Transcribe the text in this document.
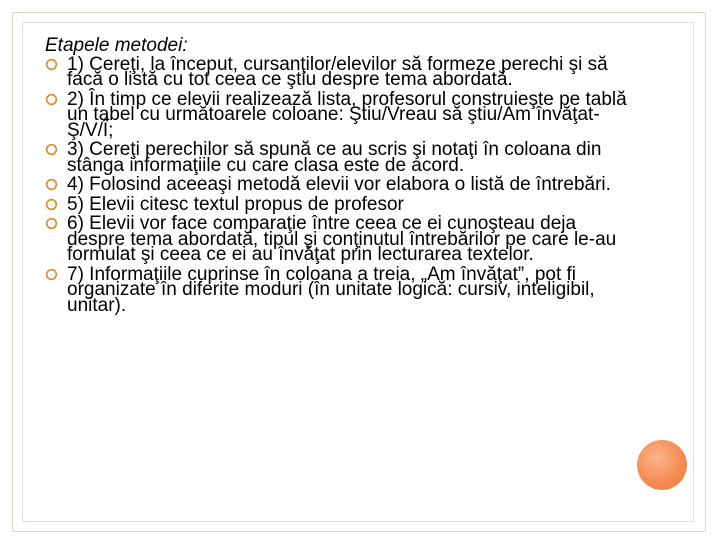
Etapele metodei:
1) Cereţi, la început, cursanţilor/elevilor să formeze perechi şi să facă o listă cu tot ceea ce ştiu despre tema abordată.
2) În timp ce elevii realizează lista, profesorul construieşte pe tablă un tabel cu următoarele coloane: Ştiu/Vreau să ştiu/Am învăţat-Ş/V/Î;
3) Cereţi perechilor să spună ce au scris şi notaţi în coloana din stânga informaţiile cu care clasa este de acord.
4) Folosind aceeaşi metodă elevii vor elabora o listă de întrebări.
5) Elevii citesc textul propus de profesor
6) Elevii vor face comparaţie între ceea ce ei cunoşteau deja despre tema abordată, tipul şi conţinutul întrebărilor pe care le-au formulat şi ceea ce ei au învăţat prin lecturarea textelor.
7) Informaţiile cuprinse în coloana a treia, „Am învăţat”, pot fi organizate în diferite moduri (în unitate logică: cursiv, inteligibil, unitar).
